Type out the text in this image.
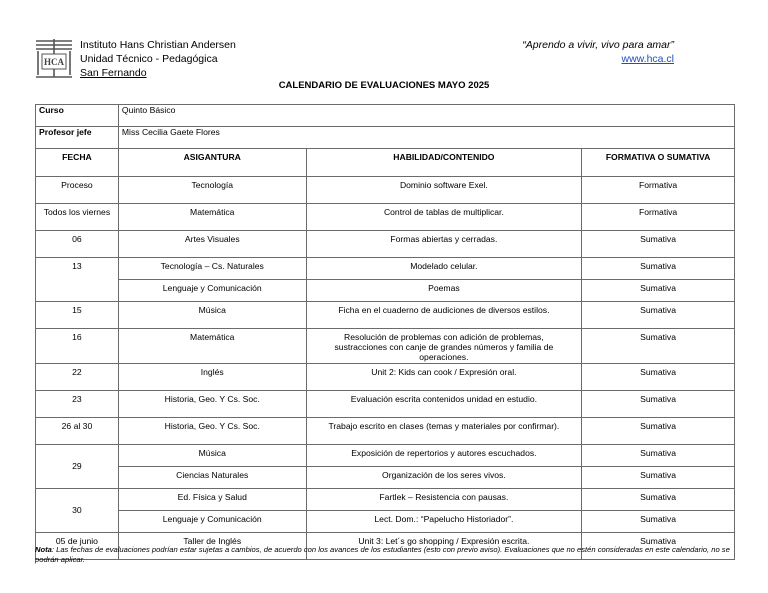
HCA
Instituto Hans Christian Andersen
Unidad Técnico - Pedagógica
San Fernando
“Aprendo a vivir, vivo para amar”
www.hca.cl
CALENDARIO DE EVALUACIONES MAYO 2025
Curso	Quinto Básico		
Profesor jefe	Miss Cecilia Gaete Flores		
FECHA	ASIGANTURA	HABILIDAD/CONTENIDO	FORMATIVA O SUMATIVA
Proceso	Tecnología	Dominio software Exel.	Formativa
Todos los viernes	Matemática	Control de tablas de multiplicar.	Formativa
06	Artes Visuales	Formas abiertas y cerradas.	Sumativa
13	Tecnología – Cs. Naturales	Modelado celular.	Sumativa
	Lenguaje y Comunicación	Poemas	Sumativa
15	Música	Ficha en el cuaderno de audiciones de diversos estilos.	Sumativa
16	Matemática	Resolución de problemas con adición de problemas, sustracciones con canje de grandes números y familia de operaciones.	Sumativa
22	Inglés	Unit 2: Kids can cook / Expresión oral.	Sumativa
23	Historia, Geo. Y Cs. Soc.	Evaluación escrita contenidos unidad en estudio.	Sumativa
26 al 30	Historia, Geo. Y Cs. Soc.	Trabajo escrito en clases (temas y materiales por confirmar).	Sumativa
29	Música	Exposición de repertorios y autores escuchados.	Sumativa
	Ciencias Naturales	Organización de los seres vivos.	Sumativa
30	Ed. Física y Salud	Fartlek – Resistencia con pausas.	Sumativa
	Lenguaje y Comunicación	Lect. Dom.: “Papelucho Historiador”.	Sumativa
05 de junio	Taller de Inglés	Unit 3: Let´s go shopping / Expresión escrita.	Sumativa
Nota: Las fechas de evaluaciones podrían estar sujetas a cambios, de acuerdo con los avances de los estudiantes (esto con previo aviso). Evaluaciones que no estén consideradas en este calendario, no se podrán aplicar.
